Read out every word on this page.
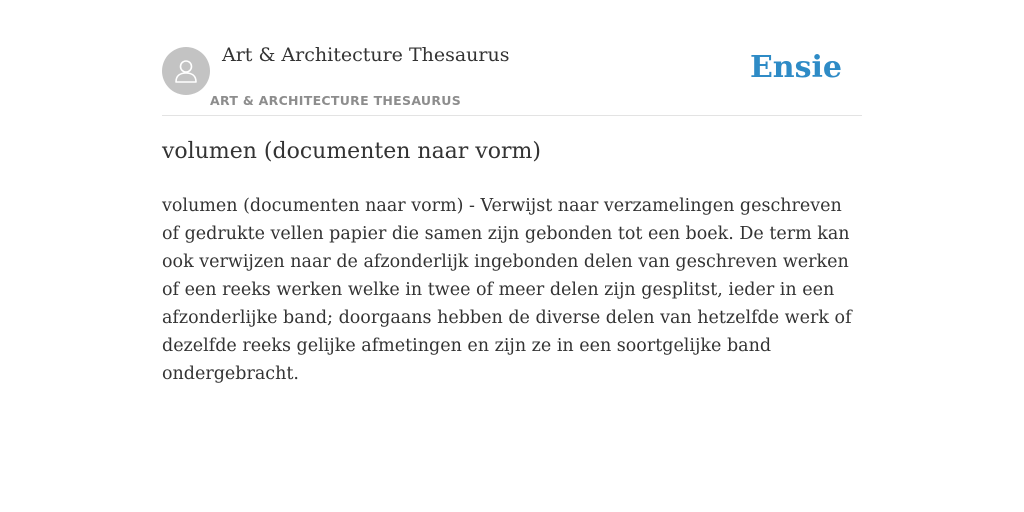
Art & Architecture Thesaurus
ART & ARCHITECTURE THESAURUS
Ensie
volumen (documenten naar vorm)

volumen (documenten naar vorm) - Verwijst naar verzamelingen geschreven of gedrukte vellen papier die samen zijn gebonden tot een boek. De term kan ook verwijzen naar de afzonderlijk ingebonden delen van geschreven werken of een reeks werken welke in twee of meer delen zijn gesplitst, ieder in een afzonderlijke band; doorgaans hebben de diverse delen van hetzelfde werk of dezelfde reeks gelijke afmetingen en zijn ze in een soortgelijke band ondergebracht.
